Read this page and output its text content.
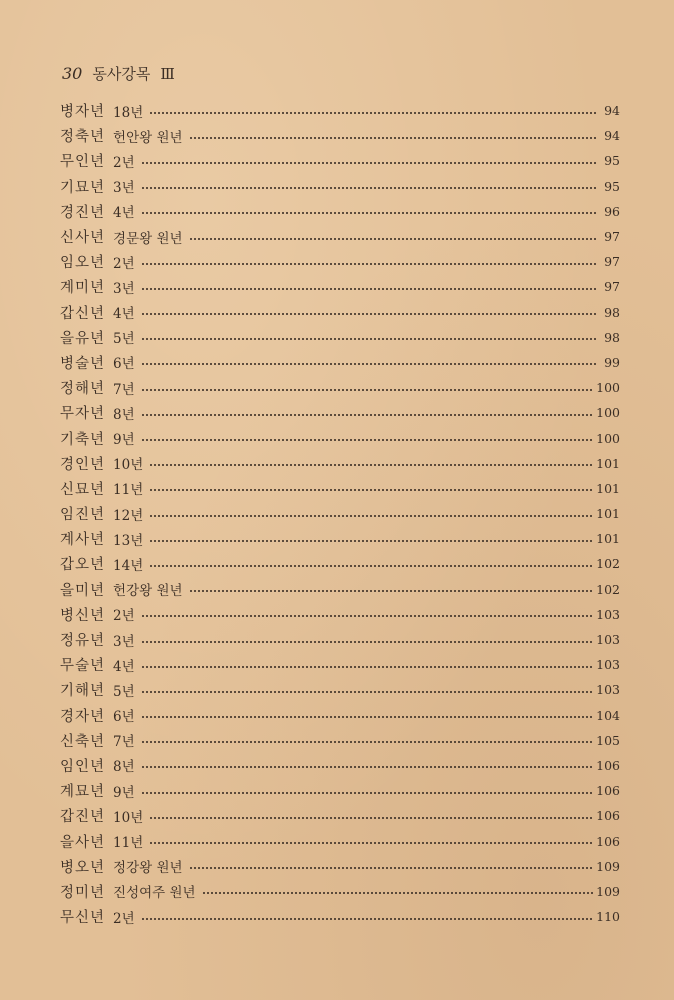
30 동사강목 Ⅲ
병자년 18년	94
정축년 헌안왕 원년	94
무인년 2년	95
기묘년 3년	95
경진년 4년	96
신사년 경문왕 원년	97
임오년 2년	97
계미년 3년	97
갑신년 4년	98
을유년 5년	98
병술년 6년	99
정해년 7년	100
무자년 8년	100
기축년 9년	100
경인년 10년	101
신묘년 11년	101
임진년 12년	101
계사년 13년	101
갑오년 14년	102
을미년 헌강왕 원년	102
병신년 2년	103
정유년 3년	103
무술년 4년	103
기해년 5년	103
경자년 6년	104
신축년 7년	105
임인년 8년	106
계묘년 9년	106
갑진년 10년	106
을사년 11년	106
병오년 정강왕 원년	109
정미년 진성여주 원년	109
무신년 2년	110
